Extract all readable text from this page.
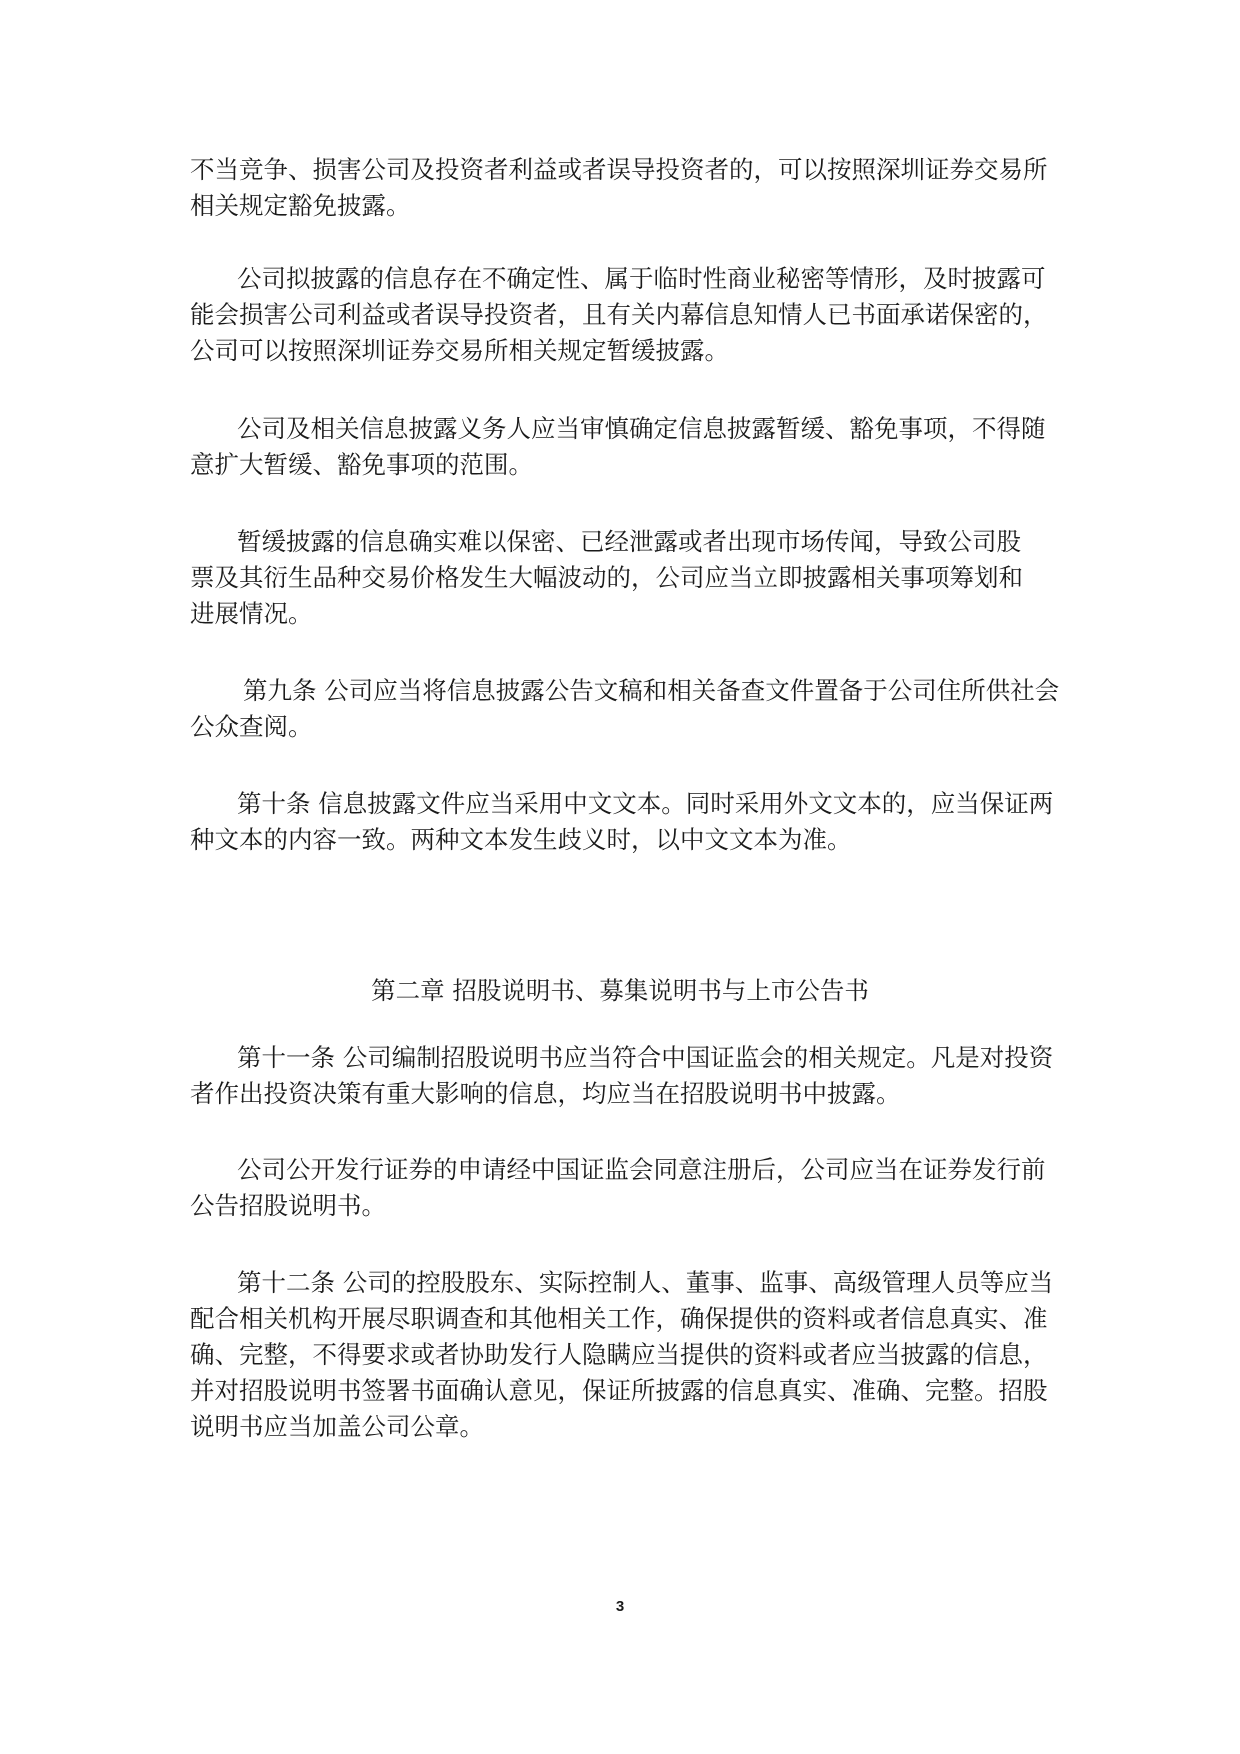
不当竞争、损害公司及投资者利益或者误导投资者的，可以按照深圳证券交易所
相关规定豁免披露。

公司拟披露的信息存在不确定性、属于临时性商业秘密等情形，及时披露可
能会损害公司利益或者误导投资者，且有关内幕信息知情人已书面承诺保密的，
公司可以按照深圳证券交易所相关规定暂缓披露。

公司及相关信息披露义务人应当审慎确定信息披露暂缓、豁免事项，不得随
意扩大暂缓、豁免事项的范围。

暂缓披露的信息确实难以保密、已经泄露或者出现市场传闻，导致公司股
票及其衍生品种交易价格发生大幅波动的，公司应当立即披露相关事项筹划和
进展情况。

第九条 公司应当将信息披露公告文稿和相关备查文件置备于公司住所供社会
公众查阅。

第十条 信息披露文件应当采用中文文本。同时采用外文文本的，应当保证两
种文本的内容一致。两种文本发生歧义时，以中文文本为准。

第二章 招股说明书、募集说明书与上市公告书

第十一条 公司编制招股说明书应当符合中国证监会的相关规定。凡是对投资
者作出投资决策有重大影响的信息，均应当在招股说明书中披露。

公司公开发行证券的申请经中国证监会同意注册后，公司应当在证券发行前
公告招股说明书。

第十二条 公司的控股股东、实际控制人、董事、监事、高级管理人员等应当
配合相关机构开展尽职调查和其他相关工作，确保提供的资料或者信息真实、准
确、完整，不得要求或者协助发行人隐瞒应当提供的资料或者应当披露的信息，
并对招股说明书签署书面确认意见，保证所披露的信息真实、准确、完整。招股
说明书应当加盖公司公章。

3
